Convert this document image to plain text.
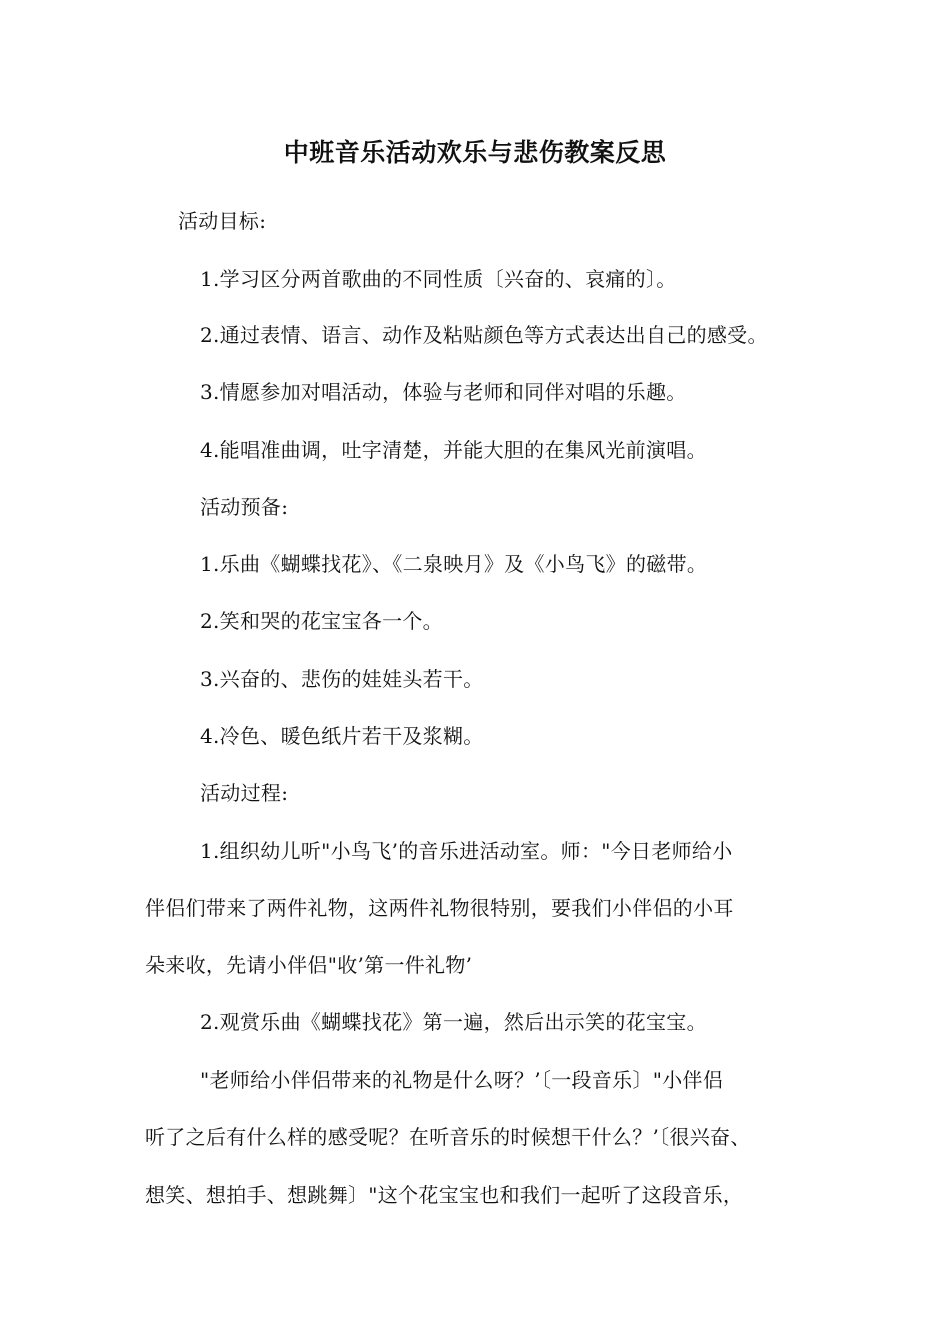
中班音乐活动欢乐与悲伤教案反思
活动目标:
1.学习区分两首歌曲的不同性质〔兴奋的、哀痛的〕。
2.通过表情、语言、动作及粘贴颜色等方式表达出自己的感受。
3.情愿参加对唱活动，体验与老师和同伴对唱的乐趣。
4.能唱准曲调，吐字清楚，并能大胆的在集风光前演唱。
活动预备:
1.乐曲《蝴蝶找花》、《二泉映月》及《小鸟飞》的磁带。
2.笑和哭的花宝宝各一个。
3.兴奋的、悲伤的娃娃头若干。
4.冷色、暖色纸片若干及浆糊。
活动过程:
1.组织幼儿听"小鸟飞’的音乐进活动室。师："今日老师给小
伴侣们带来了两件礼物，这两件礼物很特别，要我们小伴侣的小耳
朵来收，先请小伴侣"收’第一件礼物’
2.观赏乐曲《蝴蝶找花》第一遍，然后出示笑的花宝宝。
"老师给小伴侣带来的礼物是什么呀？’〔一段音乐〕"小伴侣
听了之后有什么样的感受呢？在听音乐的时候想干什么？’〔很兴奋、
想笑、想拍手、想跳舞〕"这个花宝宝也和我们一起听了这段音乐，
